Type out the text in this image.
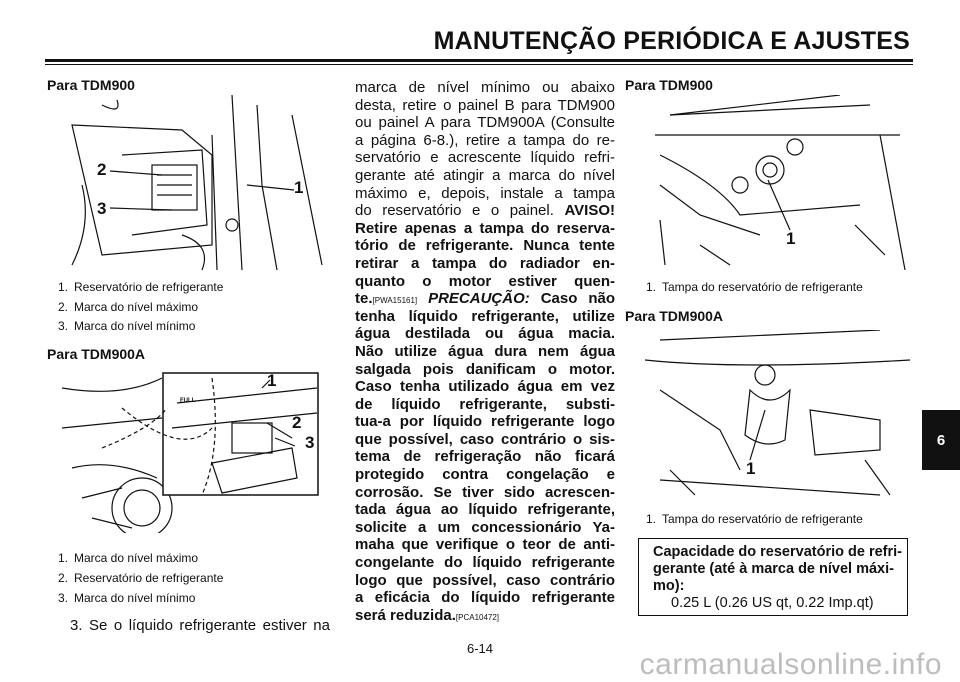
MANUTENÇÃO PERIÓDICA E AJUSTES
Para TDM900
2
3
1
1. Reservatório de refrigerante
2. Marca do nível máximo
3. Marca do nível mínimo
Para TDM900A
FULL
1
2
3
1. Marca do nível máximo
2. Reservatório de refrigerante
3. Marca do nível mínimo
3. Se o líquido refrigerante estiver na
marca de nível mínimo ou abaixo
desta, retire o painel B para TDM900
ou painel A para TDM900A (Consulte
a página 6-8.), retire a tampa do re-
servatório e acrescente líquido refri-
gerante até atingir a marca do nível
máximo e, depois, instale a tampa
do reservatório e o painel. AVISO!
Retire apenas a tampa do reserva-
tório de refrigerante. Nunca tente
retirar a tampa do radiador en-
quanto o motor estiver quen-
te.[PWA15161] PRECAUÇÃO: Caso não
tenha líquido refrigerante, utilize
água destilada ou água macia.
Não utilize água dura nem água
salgada pois danificam o motor.
Caso tenha utilizado água em vez
de líquido refrigerante, substi-
tua-a por líquido refrigerante logo
que possível, caso contrário o sis-
tema de refrigeração não ficará
protegido contra congelação e
corrosão. Se tiver sido acrescen-
tada água ao líquido refrigerante,
solicite a um concessionário Ya-
maha que verifique o teor de anti-
congelante do líquido refrigerante
logo que possível, caso contrário
a eficácia do líquido refrigerante
será reduzida.[PCA10472]
Para TDM900
1
1. Tampa do reservatório de refrigerante
Para TDM900A
1
1. Tampa do reservatório de refrigerante
Capacidade do reservatório de refri-
gerante (até à marca de nível máxi-
mo):
0.25 L (0.26 US qt, 0.22 Imp.qt)
6
6-14	carmanualsonline.info
